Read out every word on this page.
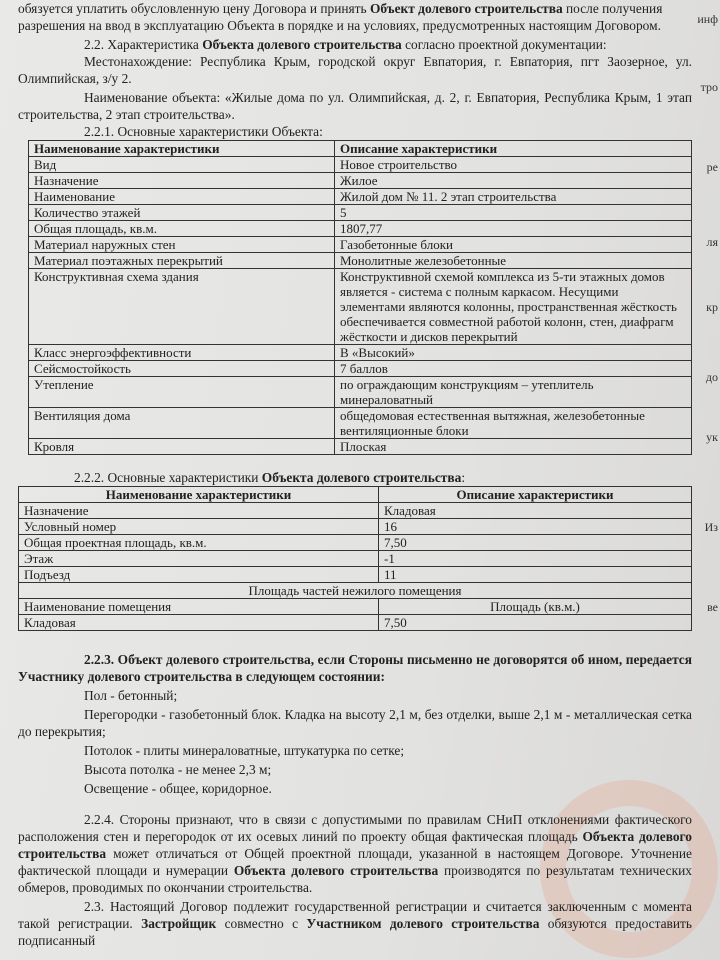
обязуется уплатить обусловленную цену Договора и принять Объект долевого строительства после получения

разрешения на ввод в эксплуатацию Объекта в порядке и на условиях, предусмотренных настоящим Договором.

2.2. Характеристика Объекта долевого строительства согласно проектной документации:

Местонахождение: Республика Крым, городской округ Евпатория, г. Евпатория, пгт Заозерное, ул. Олимпийская, з/у 2.

Наименование объекта: «Жилые дома по ул. Олимпийская, д. 2, г. Евпатория, Республика Крым, 1 этап строительства, 2 этап строительства».

2.2.1. Основные характеристики Объекта:

Наименование характеристики	Описание характеристики
Вид	Новое строительство
Назначение	Жилое
Наименование	Жилой дом № 11. 2 этап строительства
Количество этажей	5
Общая площадь, кв.м.	1807,77
Материал наружных стен	Газобетонные блоки
Материал поэтажных перекрытий	Монолитные железобетонные
Конструктивная схема здания	Конструктивной схемой комплекса из 5-ти этажных домов является - система с полным каркасом. Несущими элементами являются колонны, пространственная жёсткость обеспечивается совместной работой колонн, стен, диафрагм жёсткости и дисков перекрытий
Класс энергоэффективности	В «Высокий»
Сейсмостойкость	7 баллов
Утепление	по ограждающим конструкциям – утеплитель минераловатный
Вентиляция дома	общедомовая естественная вытяжная, железобетонные вентиляционные блоки
Кровля	Плоская

2.2.2. Основные характеристики Объекта долевого строительства:

Наименование характеристики	Описание характеристики
Назначение	Кладовая
Условный номер	16
Общая проектная площадь, кв.м.	7,50
Этаж	-1
Подъезд	11
Площадь частей нежилого помещения	
Наименование помещения	Площадь (кв.м.)
Кладовая	7,50

2.2.3. Объект долевого строительства, если Стороны письменно не договорятся об ином, передается Участнику долевого строительства в следующем состоянии:

Пол - бетонный;

Перегородки - газобетонный блок. Кладка на высоту 2,1 м, без отделки, выше 2,1 м - металлическая сетка до перекрытия;

Потолок - плиты минераловатные, штукатурка по сетке;

Высота потолка - не менее 2,3 м;

Освещение - общее, коридорное.

2.2.4. Стороны признают, что в связи с допустимыми по правилам СНиП отклонениями фактического расположения стен и перегородок от их осевых линий по проекту общая фактическая площадь Объекта долевого строительства может отличаться от Общей проектной площади, указанной в настоящем Договоре. Уточнение фактической площади и нумерации Объекта долевого строительства производятся по результатам технических обмеров, проводимых по окончании строительства.

2.3. Настоящий Договор подлежит государственной регистрации и считается заключенным с момента такой регистрации. Застройщик совместно с Участником долевого строительства обязуются предоставить подписанный

инф
тро
ре
ля
кр
до
ук
Из
ве
